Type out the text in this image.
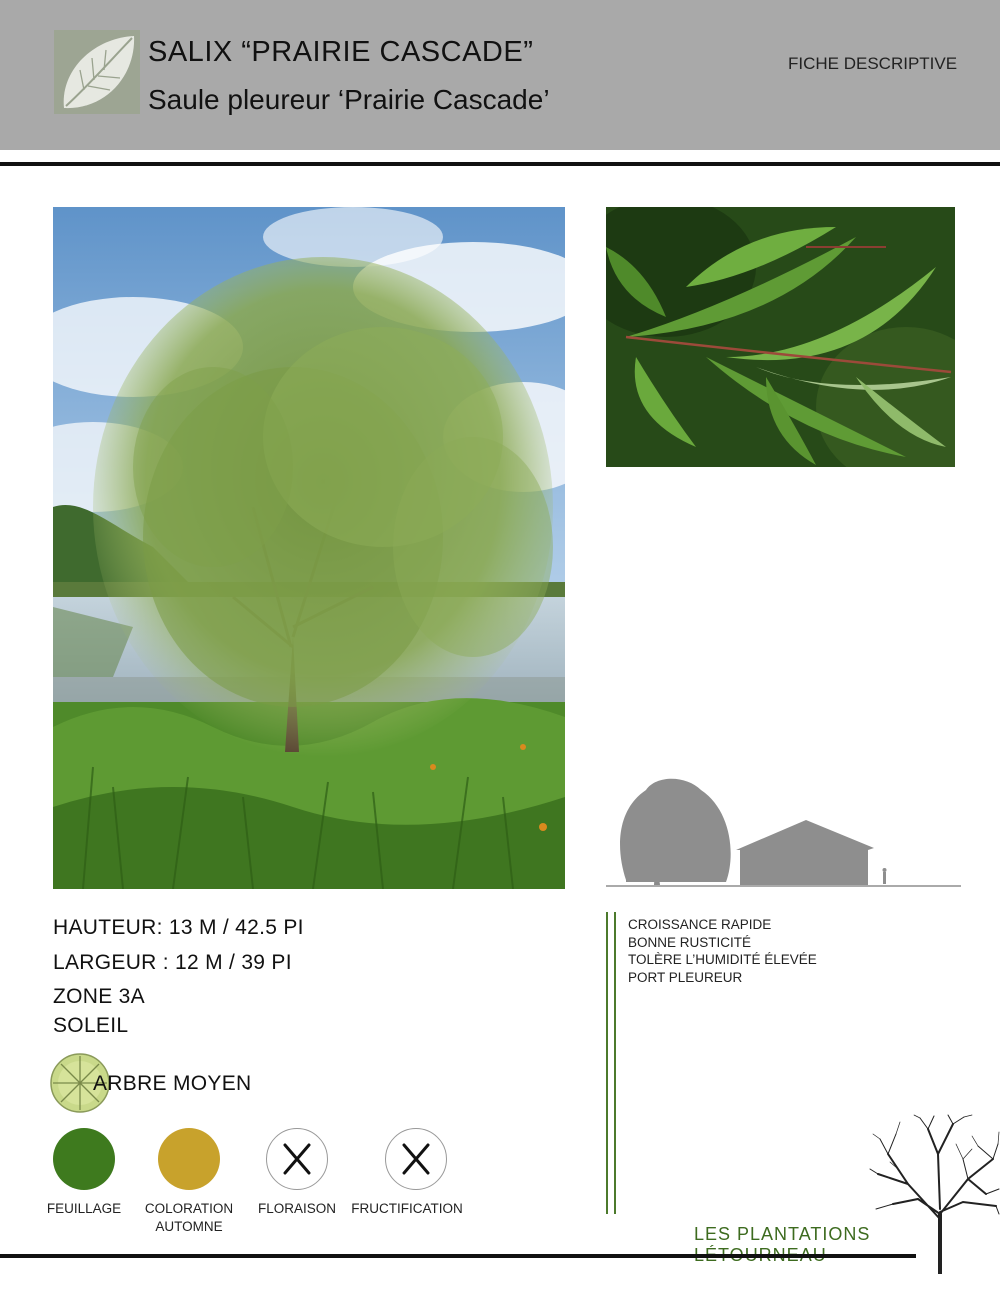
SALIX “PRAIRIE CASCADE”
Saule pleureur ‘Prairie Cascade’
FICHE DESCRIPTIVE
HAUTEUR: 13 M / 42.5 PI
LARGEUR : 12 M / 39 PI
ZONE 3A
SOLEIL
ARBRE MOYEN
FEUILLAGE	COLORATION
AUTOMNE
FLORAISON	FRUCTIFICATION
CROISSANCE RAPIDE
BONNE RUSTICITÉ
TOLÈRE L’HUMIDITÉ ÉLEVÉE
PORT PLEUREUR
LES PLANTATIONS
